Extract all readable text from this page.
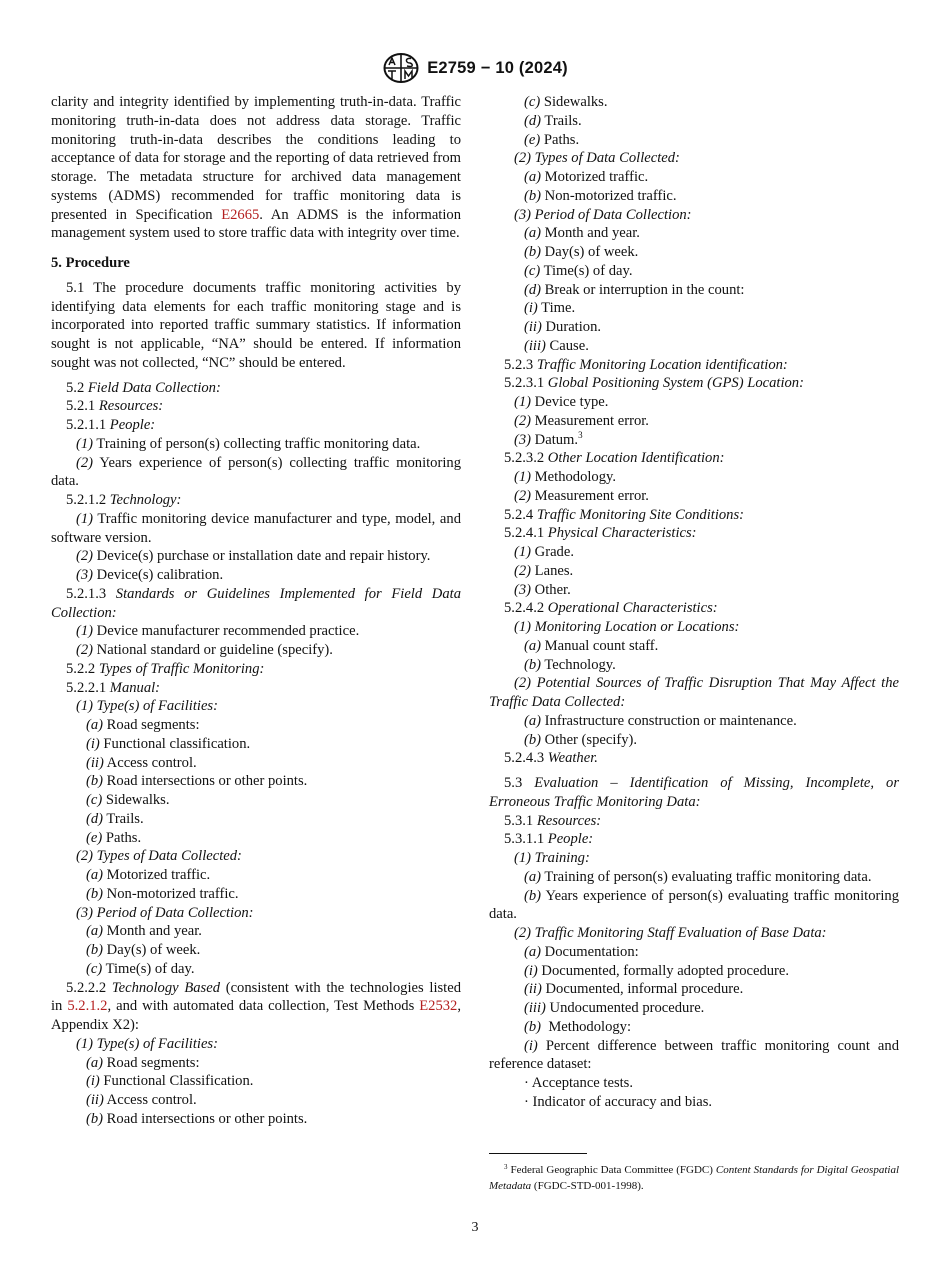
E2759 − 10 (2024)

clarity and integrity identified by implementing truth-in-data. Traffic monitoring truth-in-data does not address data storage. Traffic monitoring truth-in-data describes the conditions leading to acceptance of data for storage and the reporting of data retrieved from storage. The metadata structure for archived data management systems (ADMS) recommended for traffic monitoring data is presented in Specification E2665. An ADMS is the information management system used to store traffic data with integrity over time.

5. Procedure

5.1 The procedure documents traffic monitoring activities by identifying data elements for each traffic monitoring stage and is incorporated into reported traffic summary statistics. If information sought is not applicable, “NA” should be entered. If information sought was not collected, “NC” should be entered.

5.2 Field Data Collection:

5.2.1 Resources:

5.2.1.1 People:

(1) Training of person(s) collecting traffic monitoring data.

(2) Years experience of person(s) collecting traffic monitoring data.

5.2.1.2 Technology:

(1) Traffic monitoring device manufacturer and type, model, and software version.

(2) Device(s) purchase or installation date and repair history.

(3) Device(s) calibration.

5.2.1.3 Standards or Guidelines Implemented for Field Data Collection:

(1) Device manufacturer recommended practice.

(2) National standard or guideline (specify).

5.2.2 Types of Traffic Monitoring:

5.2.2.1 Manual:

(1) Type(s) of Facilities:

(a) Road segments:

(i) Functional classification.

(ii) Access control.

(b) Road intersections or other points.

(c) Sidewalks.

(d) Trails.

(e) Paths.

(2) Types of Data Collected:

(a) Motorized traffic.

(b) Non-motorized traffic.

(3) Period of Data Collection:

(a) Month and year.

(b) Day(s) of week.

(c) Time(s) of day.

5.2.2.2 Technology Based (consistent with the technologies listed in 5.2.1.2, and with automated data collection, Test Methods E2532, Appendix X2):

(1) Type(s) of Facilities:

(a) Road segments:

(i) Functional Classification.

(ii) Access control.

(b) Road intersections or other points.

(c) Sidewalks.

(d) Trails.

(e) Paths.

(2) Types of Data Collected:

(a) Motorized traffic.

(b) Non-motorized traffic.

(3) Period of Data Collection:

(a) Month and year.

(b) Day(s) of week.

(c) Time(s) of day.

(d) Break or interruption in the count:

(i) Time.

(ii) Duration.

(iii) Cause.

5.2.3 Traffic Monitoring Location identification:

5.2.3.1 Global Positioning System (GPS) Location:

(1) Device type.

(2) Measurement error.

(3) Datum.$^3$

5.2.3.2 Other Location Identification:

(1) Methodology.

(2) Measurement error.

5.2.4 Traffic Monitoring Site Conditions:

5.2.4.1 Physical Characteristics:

(1) Grade.

(2) Lanes.

(3) Other.

5.2.4.2 Operational Characteristics:

(1) Monitoring Location or Locations:

(a) Manual count staff.

(b) Technology.

(2) Potential Sources of Traffic Disruption That May Affect the Traffic Data Collected:

(a) Infrastructure construction or maintenance.

(b) Other (specify).

5.2.4.3 Weather.

5.3 Evaluation – Identification of Missing, Incomplete, or Erroneous Traffic Monitoring Data:

5.3.1 Resources:

5.3.1.1 People:

(1) Training:

(a) Training of person(s) evaluating traffic monitoring data.

(b) Years experience of person(s) evaluating traffic monitoring data.

(2) Traffic Monitoring Staff Evaluation of Base Data:

(a) Documentation:

(i) Documented, formally adopted procedure.

(ii) Documented, informal procedure.

(iii) Undocumented procedure.

(b)  Methodology:

(i) Percent difference between traffic monitoring count and reference dataset:

· Acceptance tests.

· Indicator of accuracy and bias.

$^3$ Federal Geographic Data Committee (FGDC) Content Standards for Digital Geospatial Metadata (FGDC-STD-001-1998).
3
